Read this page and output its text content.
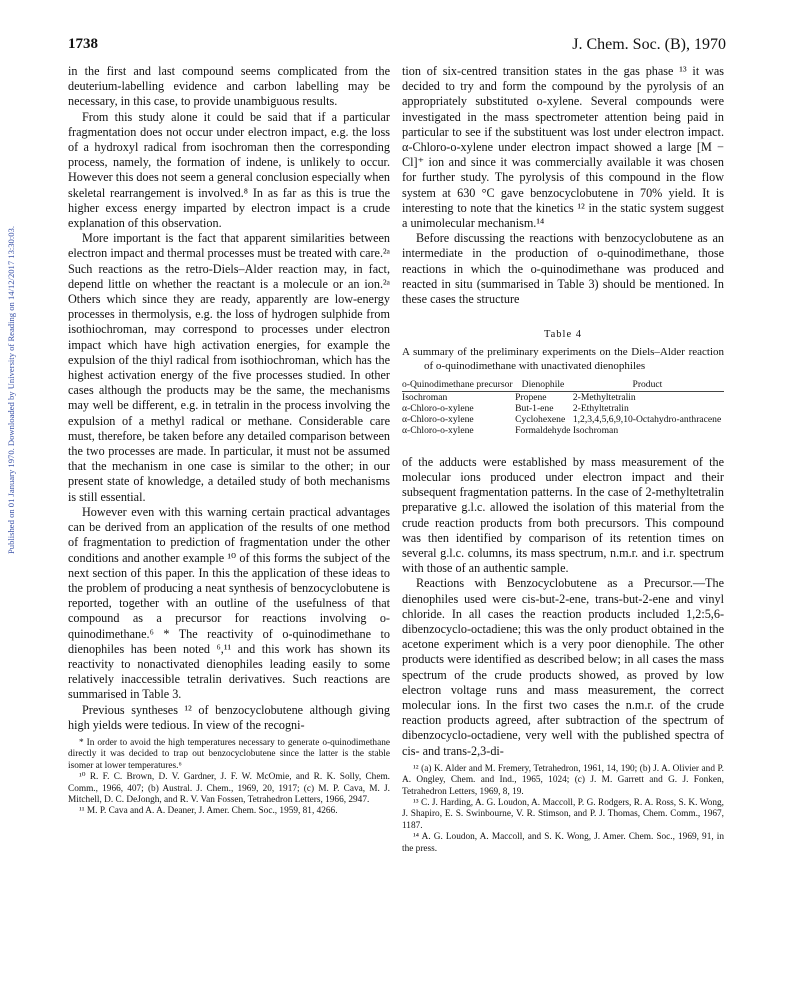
Published on 01 January 1970. Downloaded by University of Reading on 14/12/2017 13:30:03.
1738	J. Chem. Soc. (B), 1970

in the first and last compound seems complicated from the deuterium-labelling evidence and carbon labelling may be necessary, in this case, to provide unambiguous results.

From this study alone it could be said that if a particular fragmentation does not occur under electron impact, e.g. the loss of a hydroxyl radical from isochroman then the corresponding process, namely, the formation of indene, is unlikely to occur. However this does not seem a general conclusion especially when skeletal rearrangement is involved.⁸ In as far as this is true the higher excess energy imparted by electron impact is a crude explanation of this observation.

More important is the fact that apparent similarities between electron impact and thermal processes must be treated with care.²ᵃ Such reactions as the retro-Diels–Alder reaction may, in fact, depend little on whether the reactant is a molecule or an ion.²ᵃ Others which since they are ready, apparently are low-energy processes in thermolysis, e.g. the loss of hydrogen sulphide from isothiochroman, may correspond to processes under electron impact which have high activation energies, for example the expulsion of the thiyl radical from isothiochroman, which has the highest activation energy of the five processes studied. In other cases although the products may be the same, the mechanisms may well be different, e.g. in tetralin in the process involving the expulsion of a methyl radical or methane. Considerable care must, therefore, be taken before any detailed comparison between the two processes are made. In particular, it must not be assumed that the mechanism in one case is similar to the other; in our present state of knowledge, a detailed study of both mechanisms is still essential.

However even with this warning certain practical advantages can be derived from an application of the results of one method of fragmentation to prediction of fragmentation under the other conditions and another example ¹⁰ of this forms the subject of the next section of this paper. In this the application of these ideas to the problem of producing a neat synthesis of benzocyclobutene is reported, together with an outline of the usefulness of that compound as a precursor for reactions involving o-quinodimethane.⁶ * The reactivity of o-quinodimethane to dienophiles has been noted ⁶,¹¹ and this work has shown its reactivity to nonactivated dienophiles leading easily to some relatively inaccessible tetralin derivatives. Such reactions are summarised in Table 3.

Previous syntheses ¹² of benzocyclobutene although giving high yields were tedious. In view of the recogni-

* In order to avoid the high temperatures necessary to generate o-quinodimethane directly it was decided to trap out benzocyclobutene since the latter is the stable isomer at lower temperatures.⁶
¹⁰ R. F. C. Brown, D. V. Gardner, J. F. W. McOmie, and R. K. Solly, Chem. Comm., 1966, 407; (b) Austral. J. Chem., 1969, 20, 1917; (c) M. P. Cava, M. J. Mitchell, D. C. DeJongh, and R. V. Van Fossen, Tetrahedron Letters, 1966, 2947.
¹¹ M. P. Cava and A. A. Deaner, J. Amer. Chem. Soc., 1959, 81, 4266.

tion of six-centred transition states in the gas phase ¹³ it was decided to try and form the compound by the pyrolysis of an appropriately substituted o-xylene. Several compounds were investigated in the mass spectrometer attention being paid in particular to see if the substituent was lost under electron impact. α-Chloro-o-xylene under electron impact showed a large [M − Cl]⁺ ion and since it was commercially available it was chosen for further study. The pyrolysis of this compound in the flow system at 630 °C gave benzocyclobutene in 70% yield. It is interesting to note that the kinetics ¹² in the static system suggest a unimolecular mechanism.¹⁴

Before discussing the reactions with benzocyclobutene as an intermediate in the production of o-quinodimethane, those reactions in which the o-quinodimethane was produced and reacted in situ (summarised in Table 3) should be mentioned. In these cases the structure

Table 4
A summary of the preliminary experiments on the Diels–Alder reaction of o-quinodimethane with unactivated dienophiles
o-Quinodimethane precursor	Dienophile	Product
Isochroman	Propene	2-Methyltetralin
α-Chloro-o-xylene	But-1-ene	2-Ethyltetralin
α-Chloro-o-xylene	Cyclohexene	1,2,3,4,5,6,9,10-Octahydro-anthracene
α-Chloro-o-xylene	Formaldehyde	Isochroman

of the adducts were established by mass measurement of the molecular ions produced under electron impact and their subsequent fragmentation patterns. In the case of 2-methyltetralin preparative g.l.c. allowed the isolation of this material from the crude reaction products from both precursors. This compound was then identified by comparison of its retention times on several g.l.c. columns, its mass spectrum, n.m.r. and i.r. spectrum with those of an authentic sample.

Reactions with Benzocyclobutene as a Precursor.—The dienophiles used were cis-but-2-ene, trans-but-2-ene and vinyl chloride. In all cases the reaction products included 1,2:5,6-dibenzocyclo-octadiene; this was the only product obtained in the acetone experiment which is a very poor dienophile. The other products were identified as described below; in all cases the mass spectrum of the crude products showed, as proved by low electron voltage runs and mass measurement, the correct molecular ions. In the first two cases the n.m.r. of the crude reaction products agreed, after subtraction of the spectrum of dibenzocyclo-octadiene, very well with the published spectra of cis- and trans-2,3-di-

¹² (a) K. Alder and M. Fremery, Tetrahedron, 1961, 14, 190; (b) J. A. Olivier and P. A. Ongley, Chem. and Ind., 1965, 1024; (c) J. M. Garrett and G. J. Fonken, Tetrahedron Letters, 1969, 8, 19.
¹³ C. J. Harding, A. G. Loudon, A. Maccoll, P. G. Rodgers, R. A. Ross, S. K. Wong, J. Shapiro, E. S. Swinbourne, V. R. Stimson, and P. J. Thomas, Chem. Comm., 1967, 1187.
¹⁴ A. G. Loudon, A. Maccoll, and S. K. Wong, J. Amer. Chem. Soc., 1969, 91, in the press.
